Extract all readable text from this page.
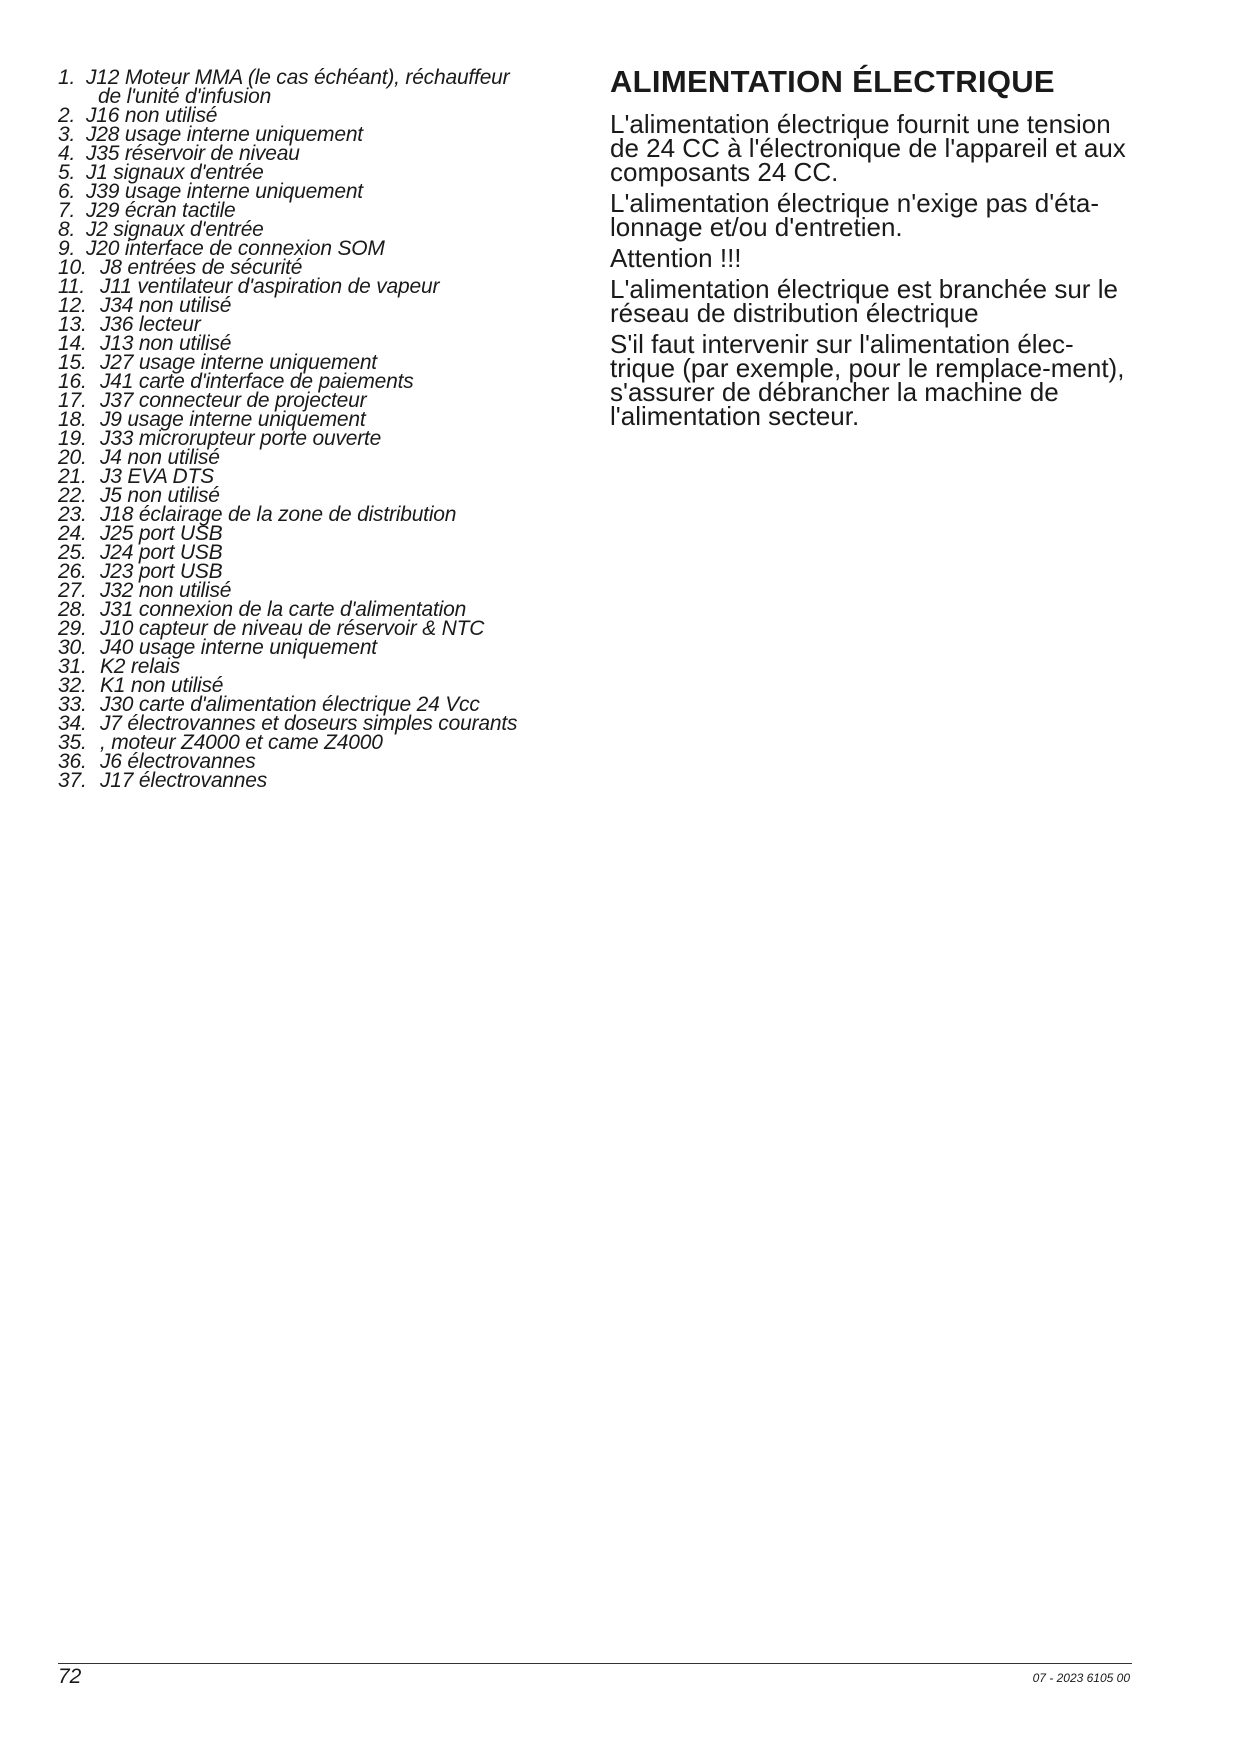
1. J12 Moteur MMA (le cas échéant), réchauffeur
de l'unité d'infusion
2. J16 non utilisé
3. J28 usage interne uniquement
4. J35 réservoir de niveau
5. J1 signaux d'entrée
6. J39 usage interne uniquement
7. J29 écran tactile
8. J2 signaux d'entrée
9. J20 interface de connexion SOM
10. J8 entrées de sécurité
11. J11 ventilateur d'aspiration de vapeur
12. J34 non utilisé
13. J36 lecteur
14. J13 non utilisé
15. J27 usage interne uniquement
16. J41 carte d'interface de paiements
17. J37 connecteur de projecteur
18. J9 usage interne uniquement
19. J33 microrupteur porte ouverte
20. J4 non utilisé
21. J3 EVA DTS
22. J5 non utilisé
23. J18 éclairage de la zone de distribution
24. J25 port USB
25. J24 port USB
26. J23 port USB
27. J32 non utilisé
28. J31 connexion de la carte d'alimentation
29. J10 capteur de niveau de réservoir & NTC
30. J40 usage interne uniquement
31. K2 relais
32. K1 non utilisé
33. J30 carte d'alimentation électrique 24 Vcc
34. J7 électrovannes et doseurs simples courants
35. , moteur Z4000 et came Z4000
36. J6 électrovannes
37. J17 électrovannes
ALIMENTATION ÉLECTRIQUE

L'alimentation électrique fournit une tension de 24 CC à l'électronique de l'appareil et aux composants 24 CC.

L'alimentation électrique n'exige pas d'éta-lonnage et/ou d'entretien.

Attention !!!

L'alimentation électrique est branchée sur le réseau de distribution électrique

S'il faut intervenir sur l'alimentation élec-trique (par exemple, pour le remplace-ment), s'assurer de débrancher la machine de l'alimentation secteur.

72	07 - 2023 6105 00
